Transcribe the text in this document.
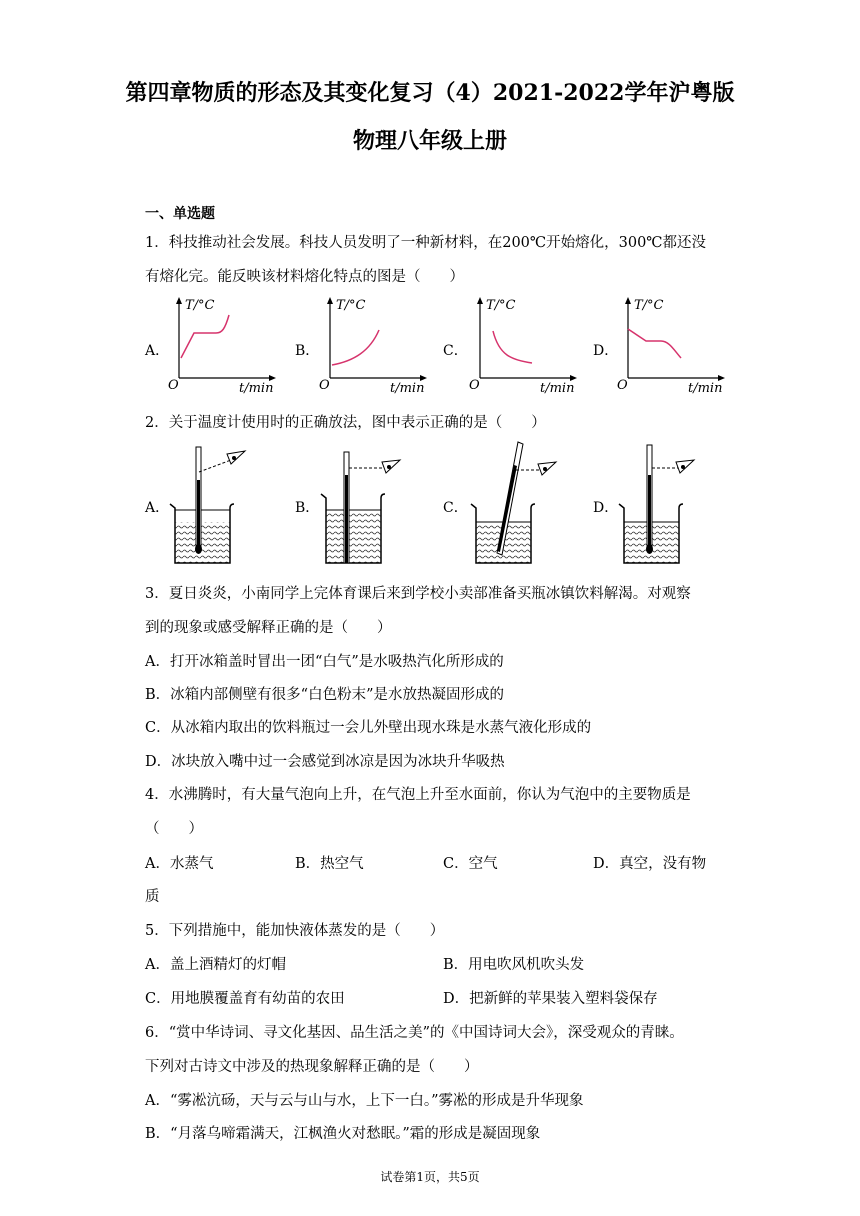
第四章物质的形态及其变化复习（4）2021-2022学年沪粤版
物理八年级上册
一、单选题
1．科技推动社会发展。科技人员发明了一种新材料，在200℃开始熔化，300℃都还没
有熔化完。能反映该材料熔化特点的图是（　　）
A．	B．	C．	D．
T/°C
O	t/min
T/°C
O	t/min
T/°C
O	t/min
T/°C
O	t/min
2．关于温度计使用时的正确放法，图中表示正确的是（　　）
A．	B．	C．	D．
3．夏日炎炎，小南同学上完体育课后来到学校小卖部准备买瓶冰镇饮料解渴。对观察
到的现象或感受解释正确的是（　　）
A．打开冰箱盖时冒出一团“白气”是水吸热汽化所形成的
B．冰箱内部侧壁有很多“白色粉末”是水放热凝固形成的
C．从冰箱内取出的饮料瓶过一会儿外壁出现水珠是水蒸气液化形成的
D．冰块放入嘴中过一会感觉到冰凉是因为冰块升华吸热
4．水沸腾时，有大量气泡向上升，在气泡上升至水面前，你认为气泡中的主要物质是
（　　）
A．水蒸气	B．热空气	C．空气	D．真空，没有物
质
5．下列措施中，能加快液体蒸发的是（　　）
A．盖上酒精灯的灯帽	B．用电吹风机吹头发
C．用地膜覆盖育有幼苗的农田	D．把新鲜的苹果装入塑料袋保存
6．“赏中华诗词、寻文化基因、品生活之美”的《中国诗词大会》，深受观众的青睐。
下列对古诗文中涉及的热现象解释正确的是（　　）
A．“雾凇沆砀，天与云与山与水，上下一白。”雾凇的形成是升华现象
B．“月落乌啼霜满天，江枫渔火对愁眠。”霜的形成是凝固现象
试卷第1页，共5页
